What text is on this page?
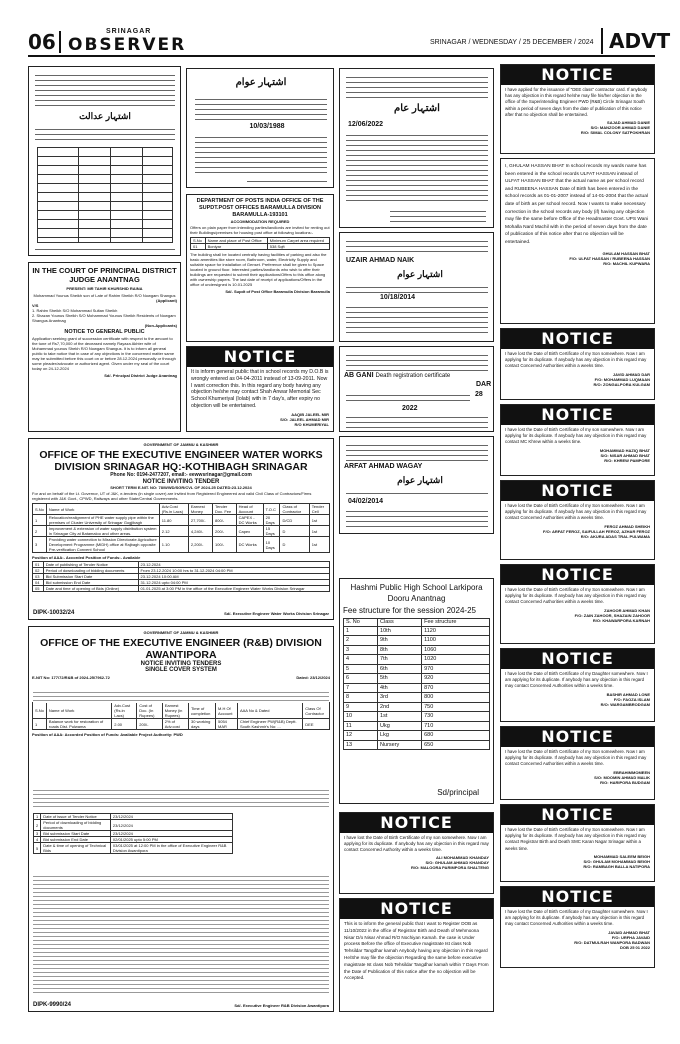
06	SRINAGAR
OBSERVER	SRINAGAR / WEDNESDAY / 25 DECEMBER / 2024 ADVT
اشتہار عدالت
اشتہار عوام
10/03/1988
اشتہار عام
12/06/2022
IN THE COURT OF PRINCIPAL DISTRICT JUDGE ANANTNAG
PRESENT: MR TAHIR KHURSHID RAINA
Mohammad Younus Sheikh son of Late of Rahim Sheikh R/O Nowgam Shangus
(Applicant)
V/S
1. Rahim Sheikh S/O Mohammad Sultan Sheikh
2. Shazan Younus Sheikh S/O Mohammad Younus Sheikh Residents of Nowgam Shangus Anantnag
(Non-Applicants)
NOTICE TO GENERAL PUBLIC
Application seeking grant of succession certificate with respect to the amount to the tune of Rs7,70,000 of the deceased namely Rayaza Akhter wife of Mohammad younus Shekh R/O Nowgam Shangus. It is to inform all general public to take notice that in case of any objections in the concerned matter same may be submitted before this court on or before 28.12.2024 personally or through some pleader/advocate or authorized agent. Given under my seal of the court today on 24-12-2024
Sd/- Principal District Judge Anantnag
DEPARTMENT OF POSTS INDIA OFFICE OF THE SUPDT.POST OFFICES BARAMULLA DIVISION BARAMULLA-193101
ACCOMMODATION REQUIRED
Offers on plain paper from intending parties/landlords are invited for renting out their Buildings/premises for housing post office at following locations:-
S.No	Name and place of Post Office	Minimum Carpet area required
01	Boniyar	538 Sqft
The building shall be located centrally having facilities of parking and also the basic amenities like store room, Bathroom, water, Electricity Supply and suitable space for installation of Genset. Preference shall be given to Space located in ground floor. Interested parties/landlords who wish to offer their buildings are requested to submit their applications/Offers to this office along with ownership papers. The last date of receipt of applications/Offers in the office of undersigned is 10.01.2025
Sd/- Supdt of Post Office Baramulla Division Baramulla
NOTICE
It is inform general public that in school records my D.O.B is wrongly entered as 04-04-2011 instead of 13-09-2011. Now I want correction this. In this regard any body having any objection he/she may contact Shah Anwar Memorial Sec School Khumeriyal (Iolab) with in 7 day's, after expiry no objection will be entertained.
AAQIB JALEEL MIR
S/O: JALEEL AHMAD MIR
R/O KHUMERIYAL
UZAIR AHMAD NAIK
اشتہار عوام
10/18/2014
AB GANI Death registration certificate
DAR
28
2022
ARFAT AHMAD WAGAY
اشتہار عوام
04/02/2014
GOVERNMENT OF JAMMU & KASHMIR
OFFICE OF THE EXECUTIVE ENGINEER WATER WORKS DIVISION SRINAGAR HQ:-KOTHIBAGH SRINAGAR
Phone No: 0194-2477207, email:- eewwsrinagar@gmail.com
NOTICE INVITING TENDER
SHORT TERM E-NIT. NO: 78/WWD/SGR/CVL OF 2024-25 DATED:23.12.2024
For and on behalf of the Lt. Governor, UT of J&K, e-tenders (in single cover) are invited from Registered Engineered and valid Civil Class of Contractors/Firms registered with J&K Govt., CPWD, Railways and other State/Central Governments.
S.No	Name of Work	Adv.Cost (Rs.in Lacs)	Earnest Money	Tender Doc. Fee	Head of Account	T.O.C	Class of Contractor	Tender Cell
1	Relocation/realignment of PHE water supply pipe within the premises of Cluster University of Srinagar Gogjibagh	11.80	27,700/-	800/-	CAPEX - DC Works	20 Days	D/CD	1st
2	Improvement & extension of water supply distribution system in Srinagar City at Batamaloo and other areas.	2.12	4,240/-	200/-	Capex	15 Days	D	1st
3	Providing water connection to Mission Directorate Agriculture Development Programme (MIDH) office at Rajbagh opposite Pre-verification Convent School	1.10	2,200/-	100/-	DC Works	10 Days	D	1st
Position of AAA:- Accorded Position of Funds:- Available
01	Date of publishing of Tender Notice	23.12.2024
02	Period of downloading of bidding documents	From 23.12.2024 10:00 hrs to 31.12.2024 04:00 PM
03	Bid Submission Start Date	23.12.2024 10:00 AM
04	Bid submission End Date	31.12.2024 upto 04:00 PM
05	Date and time of opening of Bids (Online)	01.01.2025 at 3:00 PM in the office of the Executive Engineer Water Works Division Srinagar
DIPK-10032/24	Sd/- Executive Engineer Water Works Division Srinagar
GOVERNMENT OF JAMMU & KASHMIR
OFFICE OF THE EXECUTIVE ENGINEER (R&B) DIVISION AWANTIPORA
NOTICE INVITING TENDERS
SINGLE COVER SYSTEM
E-NIT No: 177/72/R&B of 2024-25/7962-72	Dated: 23/12/2024
S.No	Name of Work	Adv.Cost (Rs.in Lacs)	Cost of Doc. (In Rupees)	Earnest Money (in Rupees)	Time of completion	M.H Of Account	AAA No & Dated	Class Of Contractor
1	Balance work for restoration of roads Dist. Pulwama	2.00	200/-	2% of Adv.cost	30 working days	5054 MAR	Chief Engineer PW(R&B) Deptt. South Kashmir's No: ...	DEE
Position of AAA: Accorded Position of Funds: Available Project Authority: PWD
1	Date of issue of Tender Notice	23/12/2024
2	Period of downloading of bidding documents	23/12/2024
3	Bid submission Start Date	23/12/2024
4	Bid submission End Date	02/01/2025 upto 5:00 PM
5	Date & time of opening of Technical Bids	03/01/2025 at 12:00 PM in the office of Executive Engineer R&B Division Awantipora
DIPK-9990/24	Sd/- Executive Engineer R&B Division Awantipora
Hashmi Public High School Larkipora
Dooru Anantnag
Fee structure for the session 2024-25
S. No	Class	Fee structure
1	10th	1120
2	9th	1100
3	8th	1060
4	7th	1020
5	6th	970
6	5th	920
7	4th	870
8	3rd	800
9	2nd	750
10	1st	730
11	Ukg	710
12	Lkg	680
13	Nursery	650
Sd/principal
NOTICE
I have lost the Date of Birth Certificate of my son somewhere. Now I am applying for its duplicate. If anybody has any objection in this regard may contact Concerned Authority within a weeks time.
ALI MOHAMMAD KHANDAY
S/O: GHULAM AHMAD KHANDAY
R/O: MALOORA PARIMPORA SHALTENG
NOTICE
This is to inform the general public that I want to Register DOB as 11/10/2022 in the office of Registrar Birth and Death of Mehmoona Nisar D/o Nisar Ahmad R/O Nochiyan Kamah. the case is Under process Before the office of Executive magistrate Ist class Nob Tehsildar Tangdhar kamah Anybody having any objection in this regard He/She may file the objection Regarding the same before executive magistrate Ist class Nob Tehsildar Tangdhar kamah within 7 Days From the Date of Publication of this notice after the no objection will be Accepted.
NOTICE
I have applied for the issuance of "DEE class" contractor card. If anybody has any objection in this regard he/she may file his/her objection in the office of the Superintending Engineer PWD (R&B) Circle Srinagar South within a period of seven days from the date of publication of this notice after that no objection shall be entertained.
SAJAD AHMAD DANIE
S/O: MANZOOR AHMAD DANIE
R/O: SIMAL COLONY SATPOKHRAN
I, GHULAM HASSAN BHAT In school records my wards name has been entered in the school records ULFAT HASSAN instead of ULFAT HASSAN BHAT that the actual name as per school record and RUBEENA HASSAN Date of Birth has been entered in the school records as 01-01-2007 instead of 14-01-2004 that the actual date of birth as per school record. Now I wants to make necessary correction in the school records any body (if) having any objection may file the same before Office of the Headmaster Govt. UPS Wani Mohalla Nard Machil with in the period of seven days from the date of publication of this notice after that no objection will be entertained.
GHULAM HASSAN BHAT
F/O: ULFAT HASSAN / RUBEENA HASSAN
R/O: MACHIL KUPWARA
NOTICE
I have lost the Date of Birth Certificate of my Son somewhere. Now I am applying for its duplicate. If anybody has any objection in this regard may contact Concerned Authorities within a weeks time.
JAVID AHMAD DAR
F/O: MOHAMMAD LUQMAAN
R/O: ZONGALPORA KULGAM
NOTICE
I have lost the Date of Birth Certificate of my son somewhere. Now I am applying for its duplicate. If anybody has any objection in this regard may contact MC Khrew within a weeks time.
MOHAMMAD HAZIQ BHAT
S/O: NISAR AHMAD BHAT
R/O: KHREW PAMPORE
NOTICE
I have lost the Date of Birth Certificate of my Son somewhere. Now I am applying for its duplicate. If anybody has any objection in this regard may contact Concerned Authorities within a weeks time.
FEROZ AHMAD SHEIKH
F/O: ARFAT FEROZ, SAIFULLAH FEROZ, AZHAR FEROZ
R/O: AKURA ADAS TRAL PULWAMA
NOTICE
I have lost the Date of Birth Certificate of my Son somewhere. Now I am applying for its duplicate. If anybody has any objection in this regard may contact Concerned Authorities within a weeks time.
ZAHOOR AHMAD KHAN
F/O: ZAIN ZAHOOR, SHAZAIN ZAHOOR
R/O: KHAWARPORA KARNAH
NOTICE
I have lost the Date of Birth Certificate of my Daughter somewhere. Now I am applying for its duplicate. If anybody has any objection in this regard may contact Concerned Authorities within a weeks time.
BASHIR AHMAD LONE
F/O: FAOZA ISLAM
R/O: WARGAMBRODGAM
NOTICE
I have lost the Date of Birth Certificate of my Son somewhere. Now I am applying for its duplicate. If anybody has any objection in this regard may contact Concerned Authorities within a weeks time.
EBRAHIMMOMEEN
S/O: MOOMIN AHMAD MALIK
R/O: HARIPORA BUDGAM
NOTICE
I have lost the Date of Birth Certificate of my Son somewhere. Now I am applying for its duplicate. If anybody has any objection in this regard may contact Registrar Birth and Death SMC Karan Nagar Srinagar within a weeks time.
MOHAMMAD SALEEM BEIGH
S/O: GHULAM MOHAMMAD BEIGH
R/O: RAMBAGH BALLA NATIPORA
NOTICE
I have lost the Date of Birth Certificate of my Daughter somewhere. Now I am applying for its duplicate. If anybody has any objection in this regard may contact Concerned Authorities within a weeks time.
JAVAID AHMAD BHAT
F/O: URFHA JAVAID
R/O: DATMULRAH WANPORA BADWAN
DOB 25 01 2022
